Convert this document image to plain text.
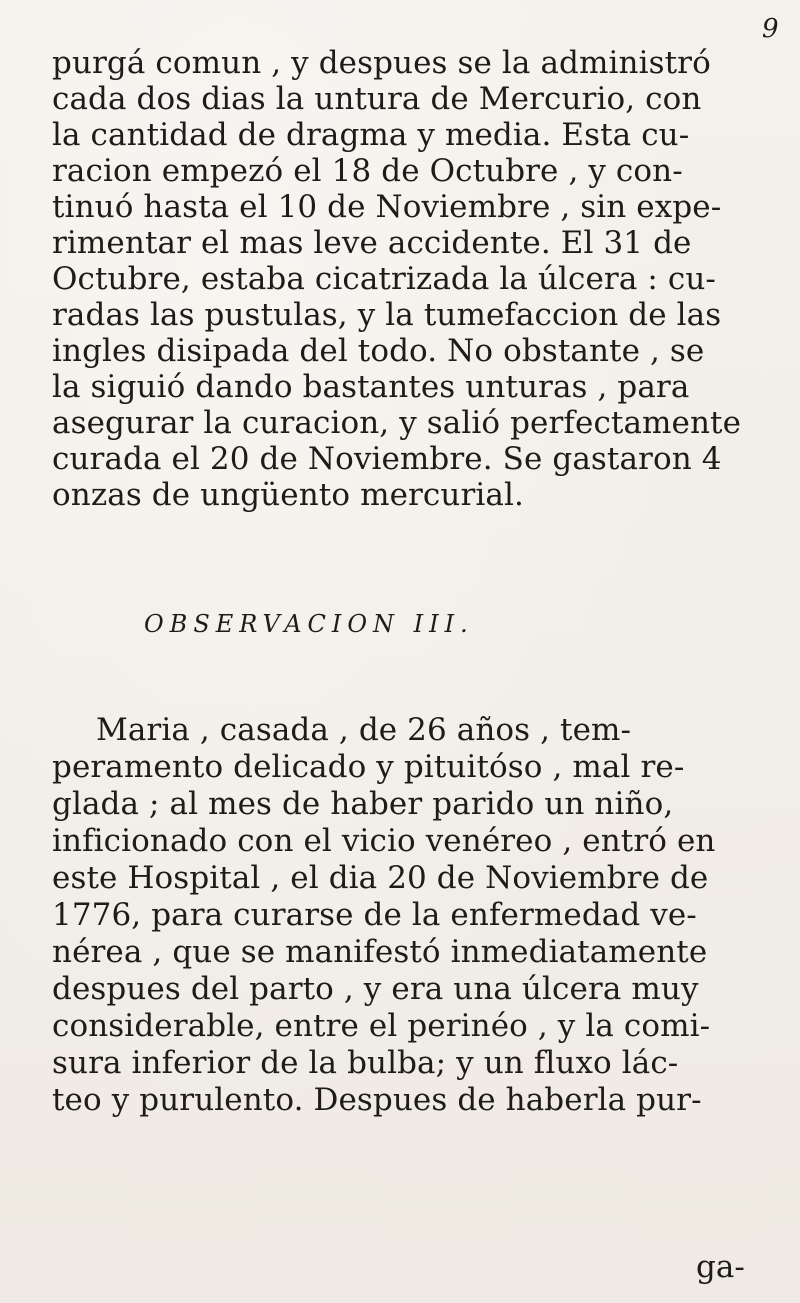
9
purgá comun , y despues se la administró
cada dos dias la untura de Mercurio, con
la cantidad de dragma y media. Esta cu-
racion empezó el 18 de Octubre , y con-
tinuó hasta el 10 de Noviembre , sin expe-
rimentar el mas leve accidente. El 31 de
Octubre, estaba cicatrizada la úlcera : cu-
radas las pustulas, y la tumefaccion de las
ingles disipada del todo. No obstante , se
la siguió dando bastantes unturas , para
asegurar la curacion, y salió perfectamente
curada el 20 de Noviembre. Se gastaron 4
onzas de ungüento mercurial.
OBSERVACION III.
Maria , casada , de 26 años , tem-
peramento delicado y pituitóso , mal re-
glada ; al mes de haber parido un niño,
inficionado con el vicio venéreo , entró en
este Hospital , el dia 20 de Noviembre de
1776, para curarse de la enfermedad ve-
nérea , que se manifestó inmediatamente
despues del parto , y era una úlcera muy
considerable, entre el perinéo , y la comi-
sura inferior de la bulba; y un fluxo lác-
teo y purulento. Despues de haberla pur-
ga-
